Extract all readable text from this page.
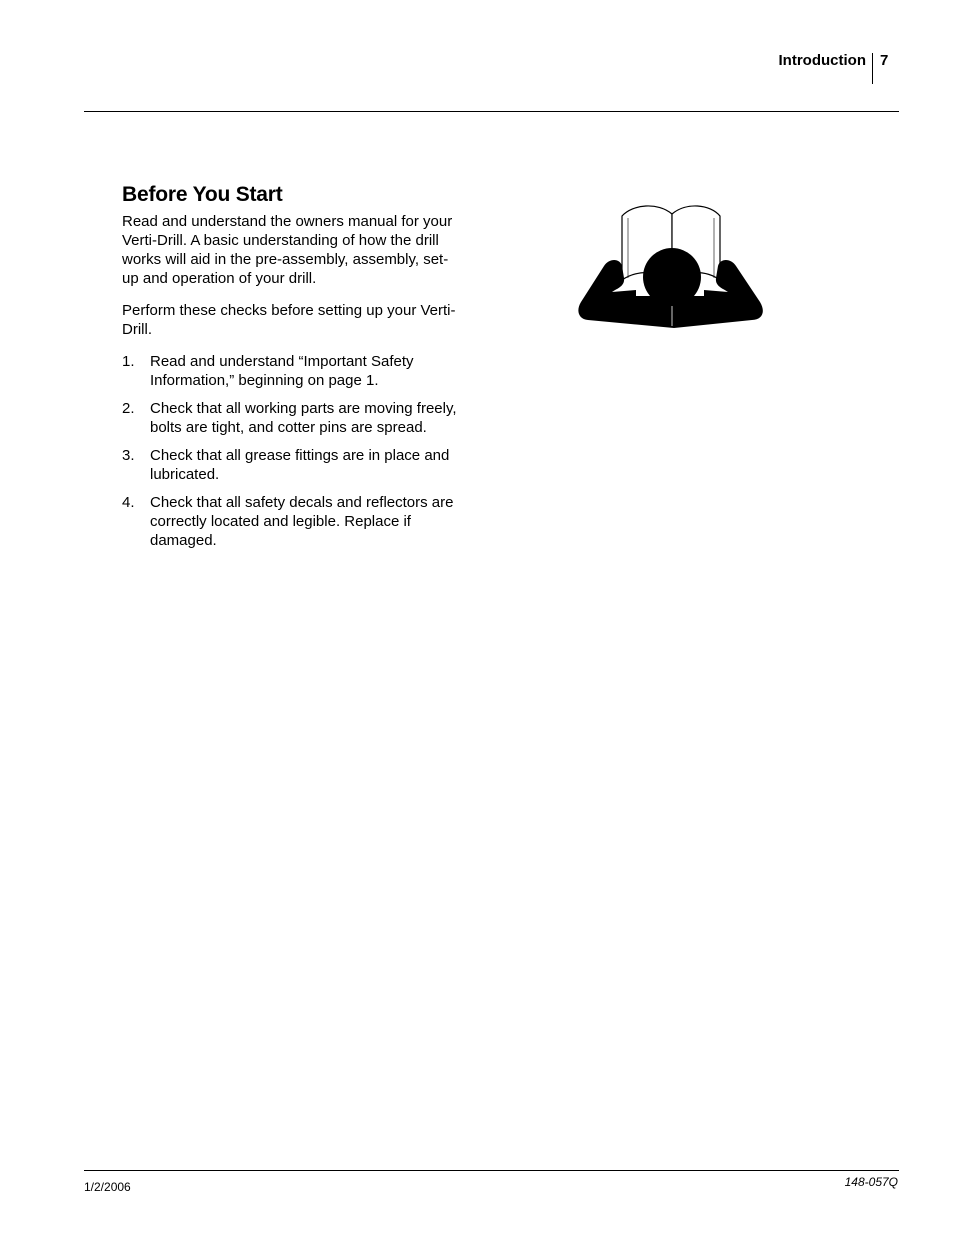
Introduction 7
Before You Start

Read and understand the owners manual for your Verti-Drill. A basic understanding of how the drill works will aid in the pre-assembly, assembly, set-up and operation of your drill.

Perform these checks before setting up your Verti-Drill.

1. Read and understand “Important Safety Information,” beginning on page 1.
2. Check that all working parts are moving freely, bolts are tight, and cotter pins are spread.
3. Check that all grease fittings are in place and lubricated.
4. Check that all safety decals and reflectors are correctly located and legible. Replace if damaged.
1/2/2006	148-057Q
